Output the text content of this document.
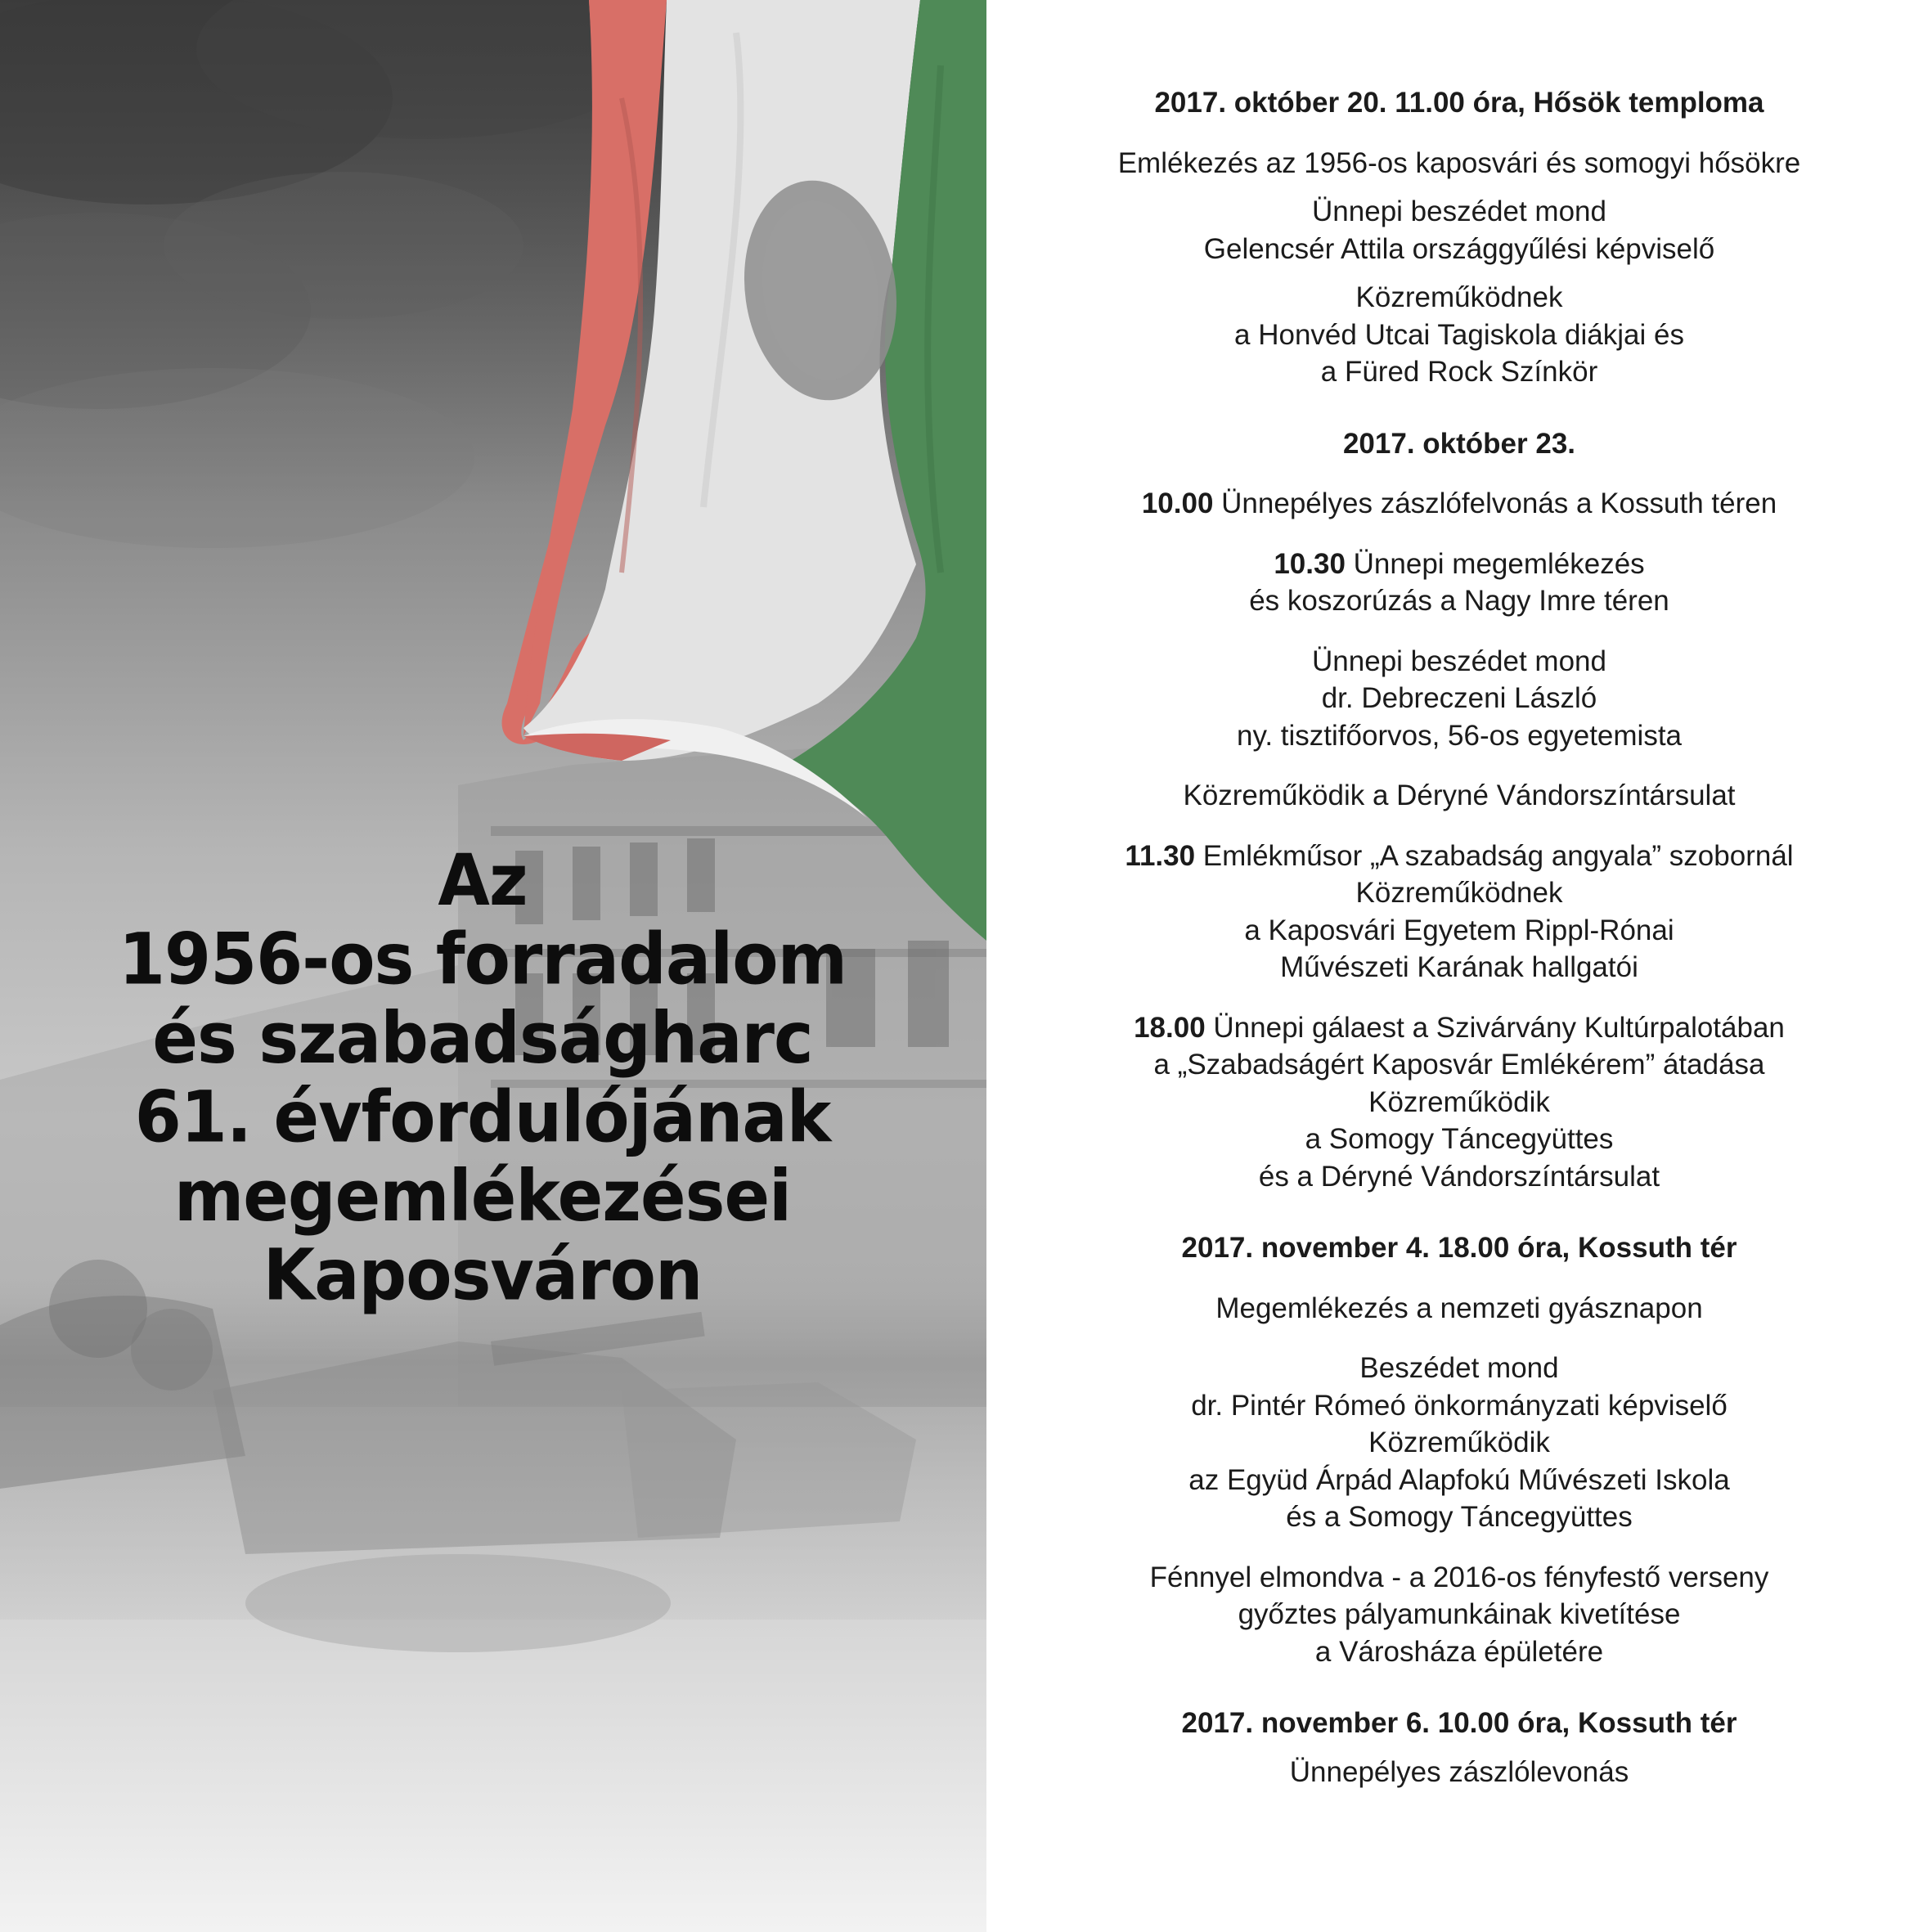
Az
1956-os forradalom
és szabadságharc
61. évfordulójának
megemlékezései
Kaposváron

2017. október 20. 11.00 óra, Hősök temploma

Emlékezés az 1956-os kaposvári és somogyi hősökre

Ünnepi beszédet mond

Gelencsér Attila országgyűlési képviselő

Közreműködnek

a Honvéd Utcai Tagiskola diákjai és

a Füred Rock Színkör

2017. október 23.

10.00 Ünnepélyes zászlófelvonás a Kossuth téren

10.30 Ünnepi megemlékezés

és koszorúzás a Nagy Imre téren

Ünnepi beszédet mond

dr. Debreczeni László

ny. tisztifőorvos, 56-os egyetemista

Közreműködik a Déryné Vándorszíntársulat

11.30 Emlékműsor „A szabadság angyala” szobornál

Közreműködnek

a Kaposvári Egyetem Rippl-Rónai

Művészeti Karának hallgatói

18.00 Ünnepi gálaest a Szivárvány Kultúrpalotában

a „Szabadságért Kaposvár Emlékérem” átadása

Közreműködik

a Somogy Táncegyüttes

és a Déryné Vándorszíntársulat

2017. november 4. 18.00 óra, Kossuth tér

Megemlékezés a nemzeti gyásznapon

Beszédet mond

dr. Pintér Rómeó önkormányzati képviselő

Közreműködik

az Együd Árpád Alapfokú Művészeti Iskola

és a Somogy Táncegyüttes

Fénnyel elmondva - a 2016-os fényfestő verseny

győztes pályamunkáinak kivetítése

a Városháza épületére

2017. november 6. 10.00 óra, Kossuth tér

Ünnepélyes zászlólevonás
